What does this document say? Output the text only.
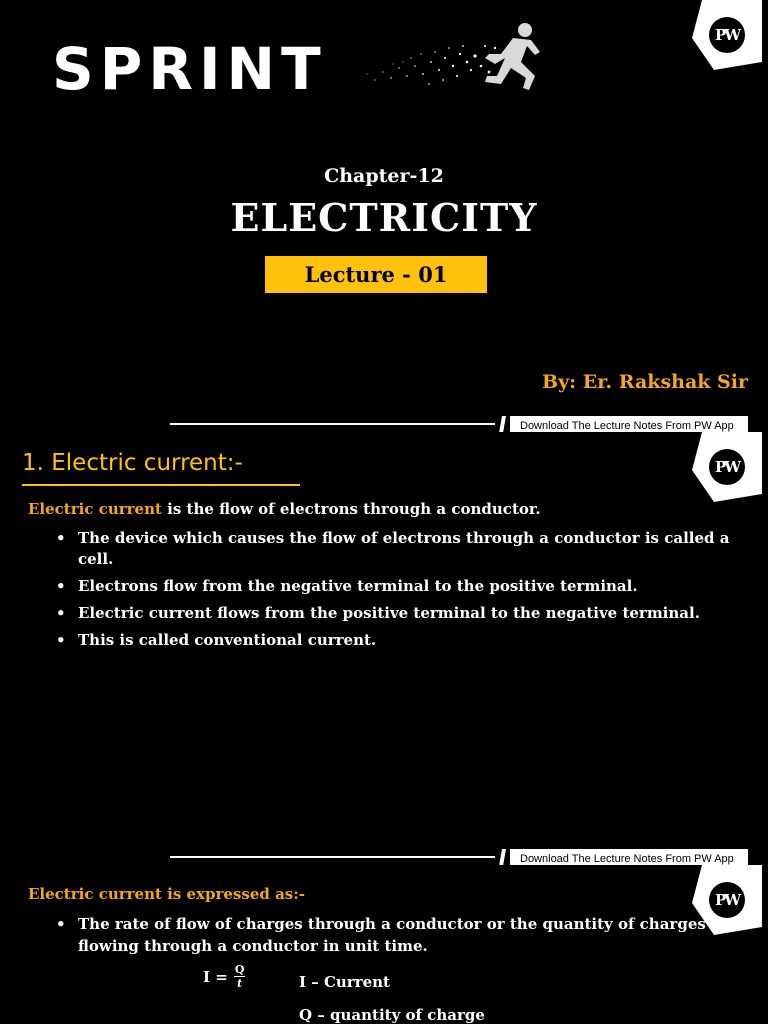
SPRINT	PW
Chapter-12
ELECTRICITY
Lecture - 01
By: Er. Rakshak Sir
Download The Lecture Notes From PW App
PW
1. Electric current:-
Electric current is the flow of electrons through a conductor.
• The device which causes the flow of electrons through a conductor is called a cell.
• Electrons flow from the negative terminal to the positive terminal.
• Electric current flows from the positive terminal to the negative terminal.
• This is called conventional current.
Download The Lecture Notes From PW App
PW
Electric current is expressed as:-
• The rate of flow of charges through a conductor or the quantity of charges flowing through a conductor in unit time.
$I = \frac{Q}{t}$	I – Current
Q – quantity of charge
